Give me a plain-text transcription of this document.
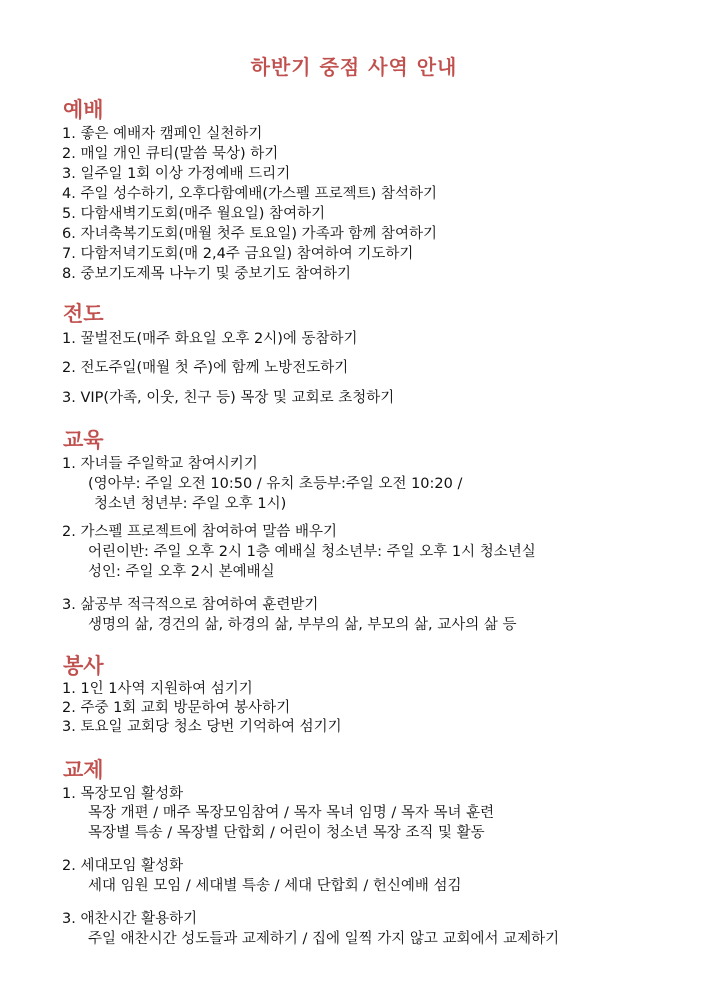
하반기 중점 사역 안내
예배
1. 좋은 예배자 캠페인 실천하기
2. 매일 개인 큐티(말씀 묵상) 하기
3. 일주일 1회 이상 가정예배 드리기
4. 주일 성수하기, 오후다함예배(가스펠 프로젝트) 참석하기
5. 다함새벽기도회(매주 월요일) 참여하기
6. 자녀축복기도회(매월 첫주 토요일) 가족과 함께 참여하기
7. 다함저녁기도회(매 2,4주 금요일) 참여하여 기도하기
8. 중보기도제목 나누기 및 중보기도 참여하기
전도
1. 꿀벌전도(매주 화요일 오후 2시)에 동참하기
2. 전도주일(매월 첫 주)에 함께 노방전도하기
3. VIP(가족, 이웃, 친구 등) 목장 및 교회로 초청하기
교육
1. 자녀들 주일학교 참여시키기
(영아부: 주일 오전 10:50 / 유치 초등부:주일 오전 10:20 /
청소년 청년부: 주일 오후 1시)
2. 가스펠 프로젝트에 참여하여 말씀 배우기
어린이반: 주일 오후 2시 1층 예배실 청소년부: 주일 오후 1시 청소년실
성인: 주일 오후 2시 본예배실
3. 삶공부 적극적으로 참여하여 훈련받기
생명의 삶, 경건의 삶, 하경의 삶, 부부의 삶, 부모의 삶, 교사의 삶 등
봉사
1. 1인 1사역 지원하여 섬기기
2. 주중 1회 교회 방문하여 봉사하기
3. 토요일 교회당 청소 당번 기억하여 섬기기
교제
1. 목장모임 활성화
목장 개편 / 매주 목장모임참여 / 목자 목녀 임명 / 목자 목녀 훈련
목장별 특송 / 목장별 단합회 / 어린이 청소년 목장 조직 및 활동
2. 세대모임 활성화
세대 임원 모임 / 세대별 특송 / 세대 단합회 / 헌신예배 섬김
3. 애찬시간 활용하기
주일 애찬시간 성도들과 교제하기 / 집에 일찍 가지 않고 교회에서 교제하기
